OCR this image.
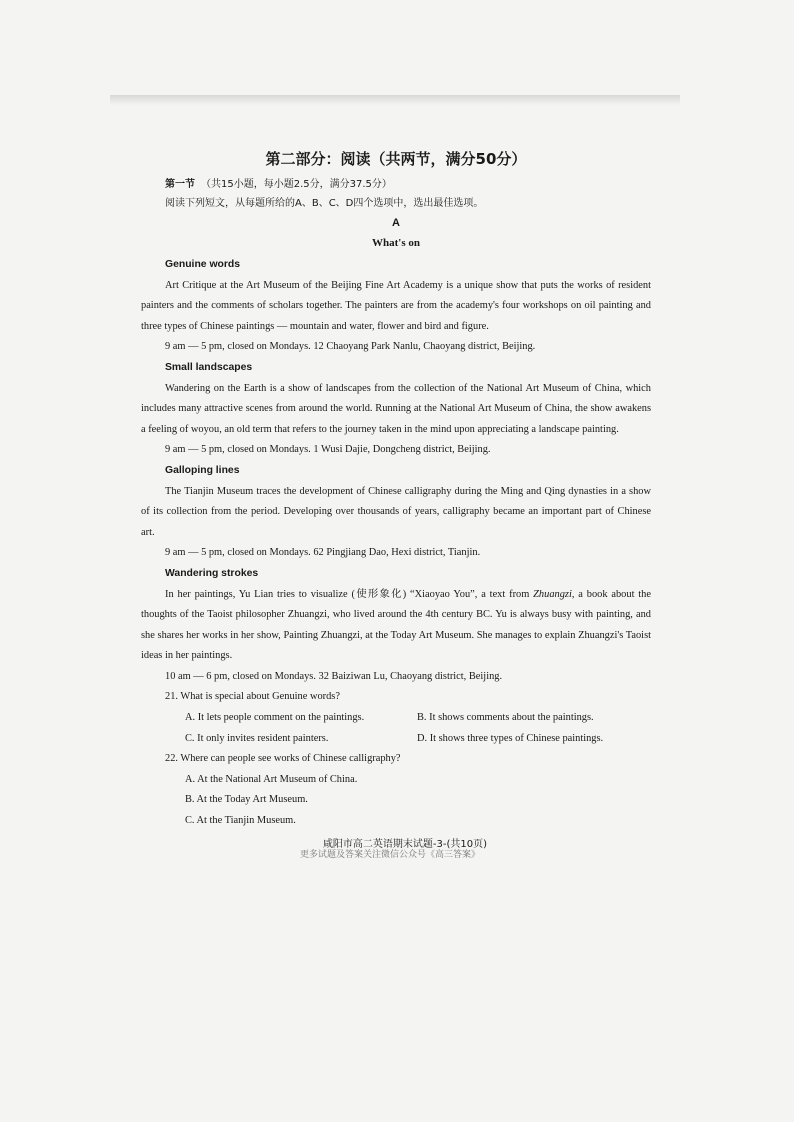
第二部分：阅读（共两节，满分50分）
第一节 （共15小题，每小题2.5分，满分37.5分）
阅读下列短文，从每题所给的A、B、C、D四个选项中，选出最佳选项。
A
What's on
Genuine words
Art Critique at the Art Museum of the Beijing Fine Art Academy is a unique show that puts the works of resident painters and the comments of scholars together. The painters are from the academy's four workshops on oil painting and three types of Chinese paintings — mountain and water, flower and bird and figure.
9 am — 5 pm, closed on Mondays. 12 Chaoyang Park Nanlu, Chaoyang district, Beijing.
Small landscapes
Wandering on the Earth is a show of landscapes from the collection of the National Art Museum of China, which includes many attractive scenes from around the world. Running at the National Art Museum of China, the show awakens a feeling of woyou, an old term that refers to the journey taken in the mind upon appreciating a landscape painting.
9 am — 5 pm, closed on Mondays. 1 Wusi Dajie, Dongcheng district, Beijing.
Galloping lines
The Tianjin Museum traces the development of Chinese calligraphy during the Ming and Qing dynasties in a show of its collection from the period. Developing over thousands of years, calligraphy became an important part of Chinese art.
9 am — 5 pm, closed on Mondays. 62 Pingjiang Dao, Hexi district, Tianjin.
Wandering strokes
In her paintings, Yu Lian tries to visualize (使形象化) “Xiaoyao You”, a text from Zhuangzi, a book about the thoughts of the Taoist philosopher Zhuangzi, who lived around the 4th century BC. Yu is always busy with painting, and she shares her works in her show, Painting Zhuangzi, at the Today Art Museum. She manages to explain Zhuangzi's Taoist ideas in her paintings.
10 am — 6 pm, closed on Mondays. 32 Baiziwan Lu, Chaoyang district, Beijing.
21. What is special about Genuine words?
A. It lets people comment on the paintings.	B. It shows comments about the paintings.
C. It only invites resident painters.	D. It shows three types of Chinese paintings.
22. Where can people see works of Chinese calligraphy?
A. At the National Art Museum of China.
B. At the Today Art Museum.
C. At the Tianjin Museum.
咸阳市高二英语期末试题-3-(共10页)
更多试题及答案关注微信公众号《高三答案》
